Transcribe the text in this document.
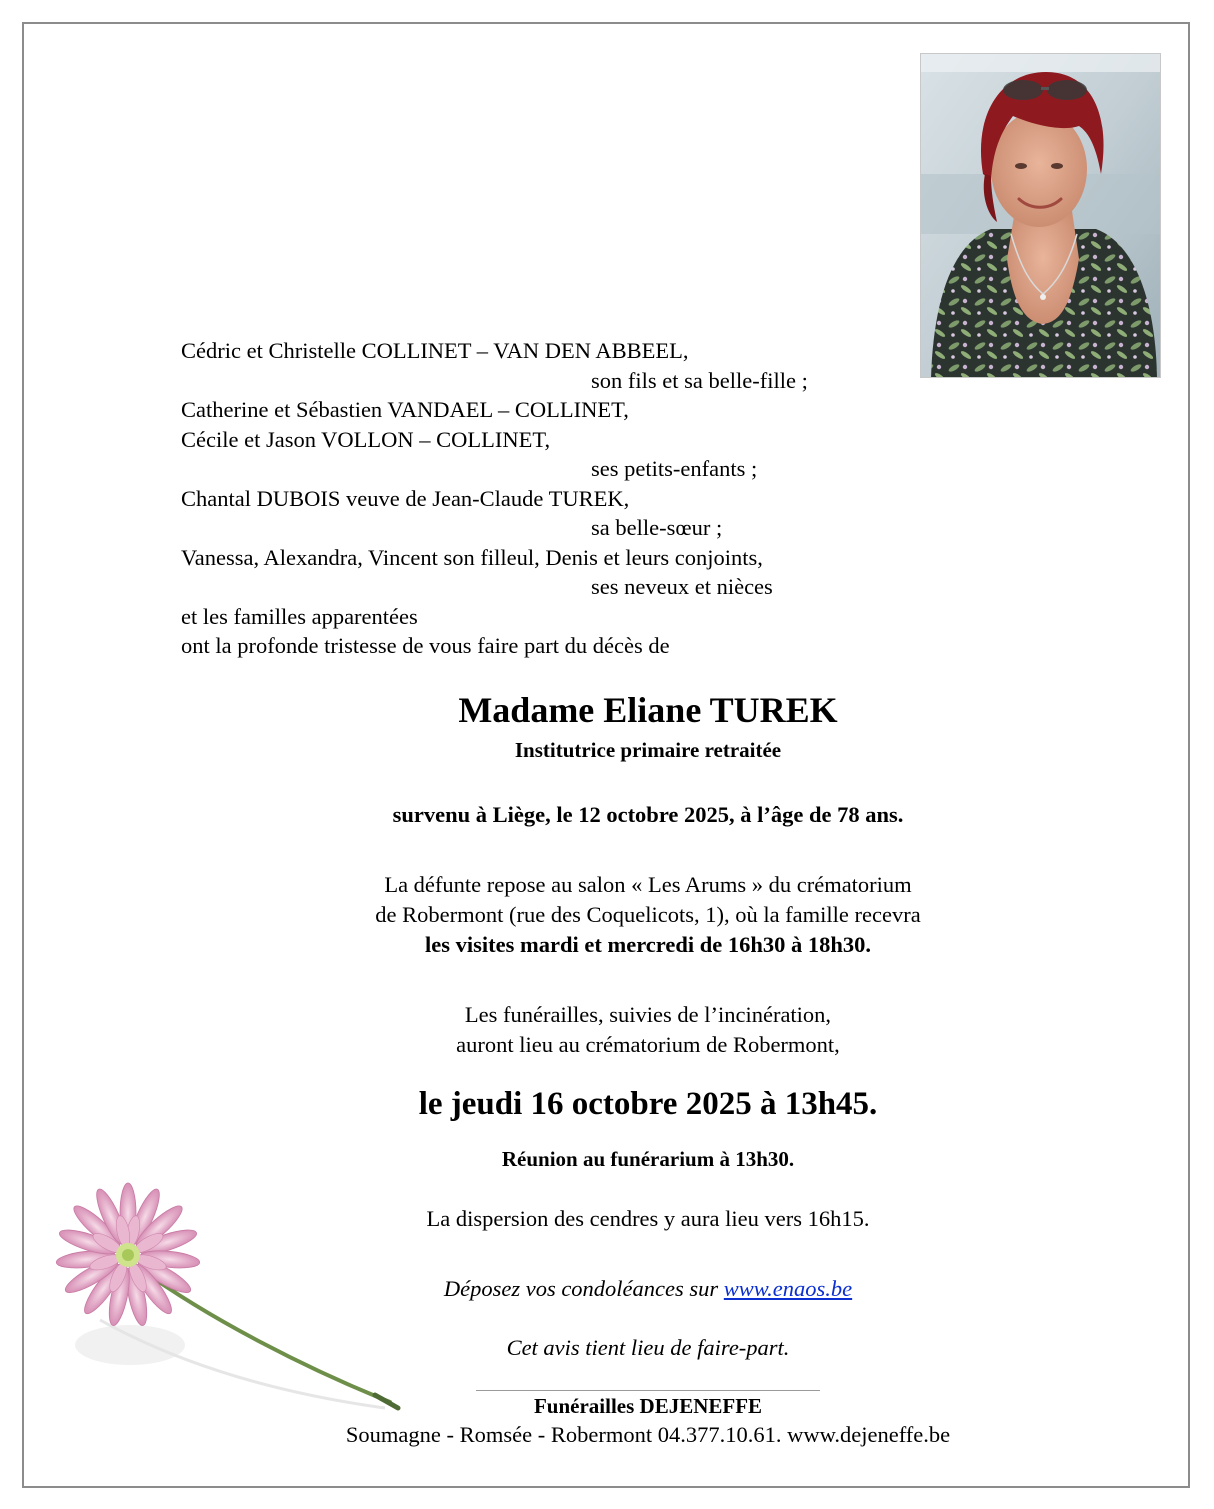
Cédric et Christelle COLLINET – VAN DEN ABBEEL,
son fils et sa belle-fille ;
Catherine et Sébastien VANDAEL – COLLINET,
Cécile et Jason VOLLON – COLLINET,
ses petits-enfants ;
Chantal DUBOIS veuve de Jean-Claude TUREK,
sa belle-sœur ;
Vanessa, Alexandra, Vincent son filleul, Denis et leurs conjoints,
ses neveux et nièces
et les familles apparentées
ont la profonde tristesse de vous faire part du décès de
Madame Eliane TUREK
Institutrice primaire retraitée
survenu à Liège, le 12 octobre 2025, à l’âge de 78 ans.
La défunte repose au salon « Les Arums » du crématorium
de Robermont (rue des Coquelicots, 1), où la famille recevra
les visites mardi et mercredi de 16h30 à 18h30.
Les funérailles, suivies de l’incinération,
auront lieu au crématorium de Robermont,
le jeudi 16 octobre 2025 à 13h45.
Réunion au funérarium à 13h30.
La dispersion des cendres y aura lieu vers 16h15.
Déposez vos condoléances sur www.enaos.be
Cet avis tient lieu de faire-part.
Funérailles DEJENEFFE
Soumagne - Romsée - Robermont 04.377.10.61. www.dejeneffe.be
